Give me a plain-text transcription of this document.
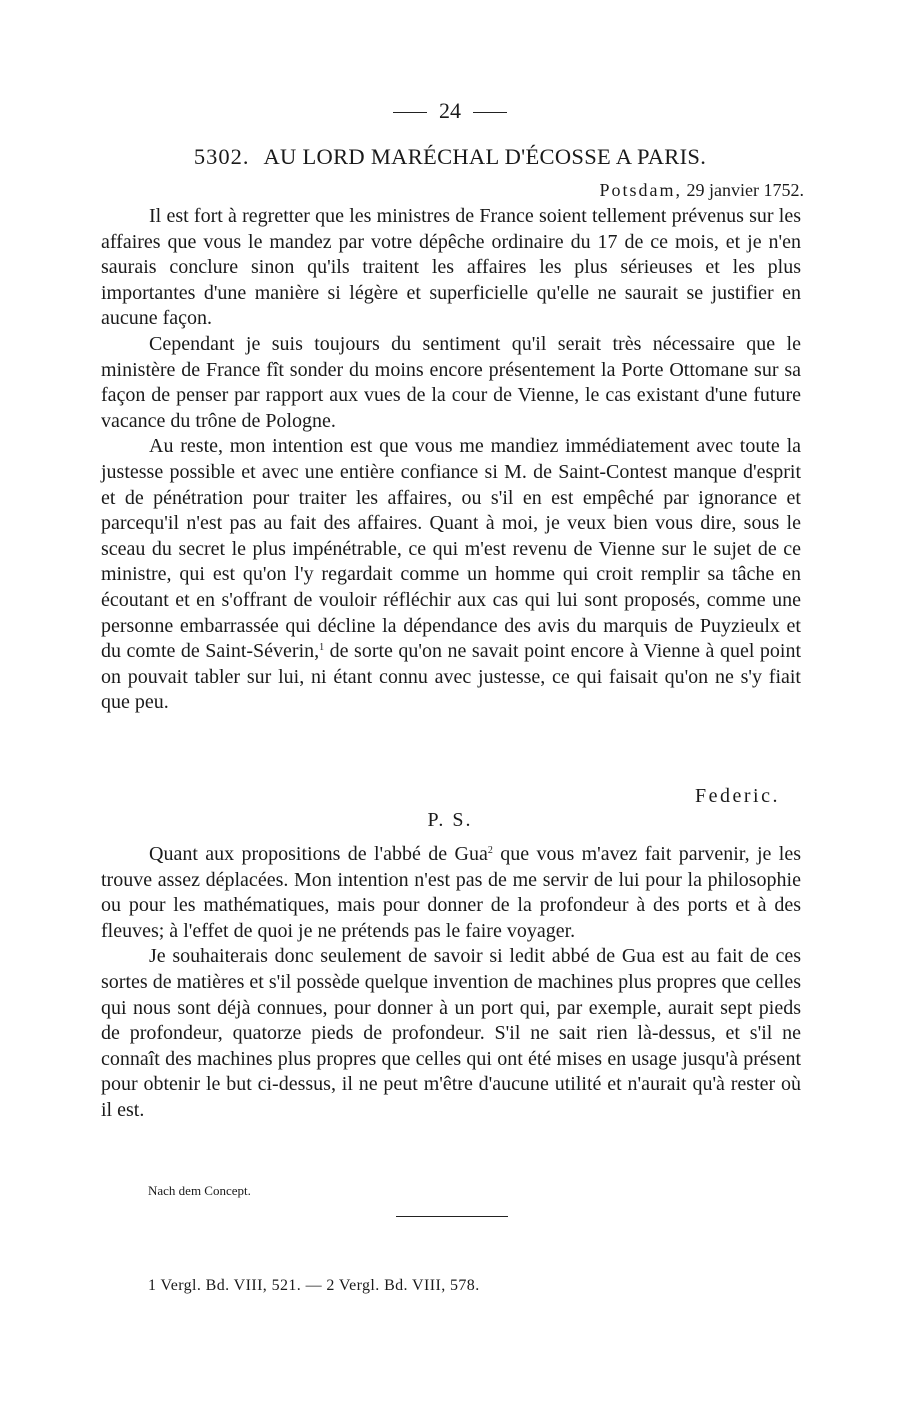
24
5302. AU LORD MARÉCHAL D'ÉCOSSE A PARIS.
Potsdam, 29 janvier 1752.

Il est fort à regretter que les ministres de France soient tellement prévenus sur les affaires que vous le mandez par votre dépêche ordinaire du 17 de ce mois, et je n'en saurais conclure sinon qu'ils traitent les affaires les plus sérieuses et les plus importantes d'une manière si légère et superficielle qu'elle ne saurait se justifier en aucune façon.

Cependant je suis toujours du sentiment qu'il serait très nécessaire que le ministère de France fît sonder du moins encore présentement la Porte Ottomane sur sa façon de penser par rapport aux vues de la cour de Vienne, le cas existant d'une future vacance du trône de Pologne.

Au reste, mon intention est que vous me mandiez immédiatement avec toute la justesse possible et avec une entière confiance si M. de Saint-Contest manque d'esprit et de pénétration pour traiter les affaires, ou s'il en est empêché par ignorance et parcequ'il n'est pas au fait des affaires. Quant à moi, je veux bien vous dire, sous le sceau du secret le plus impénétrable, ce qui m'est revenu de Vienne sur le sujet de ce ministre, qui est qu'on l'y regardait comme un homme qui croit remplir sa tâche en écoutant et en s'offrant de vouloir réfléchir aux cas qui lui sont proposés, comme une personne embarrassée qui décline la dépendance des avis du marquis de Puyzieulx et du comte de Saint-Séverin,$^1$ de sorte qu'on ne savait point encore à Vienne à quel point on pouvait tabler sur lui, ni étant connu avec justesse, ce qui faisait qu'on ne s'y fiait que peu.

Federic.
P. S.

Quant aux propositions de l'abbé de Gua$^2$ que vous m'avez fait parvenir, je les trouve assez déplacées. Mon intention n'est pas de me servir de lui pour la philosophie ou pour les mathématiques, mais pour donner de la profondeur à des ports et à des fleuves; à l'effet de quoi je ne prétends pas le faire voyager.

Je souhaiterais donc seulement de savoir si ledit abbé de Gua est au fait de ces sortes de matières et s'il possède quelque invention de machines plus propres que celles qui nous sont déjà connues, pour donner à un port qui, par exemple, aurait sept pieds de profondeur, quatorze pieds de profondeur. S'il ne sait rien là-dessus, et s'il ne connaît des machines plus propres que celles qui ont été mises en usage jusqu'à présent pour obtenir le but ci-dessus, il ne peut m'être d'aucune utilité et n'aurait qu'à rester où il est.

Nach dem Concept.
1 Vergl. Bd. VIII, 521. — 2 Vergl. Bd. VIII, 578.
